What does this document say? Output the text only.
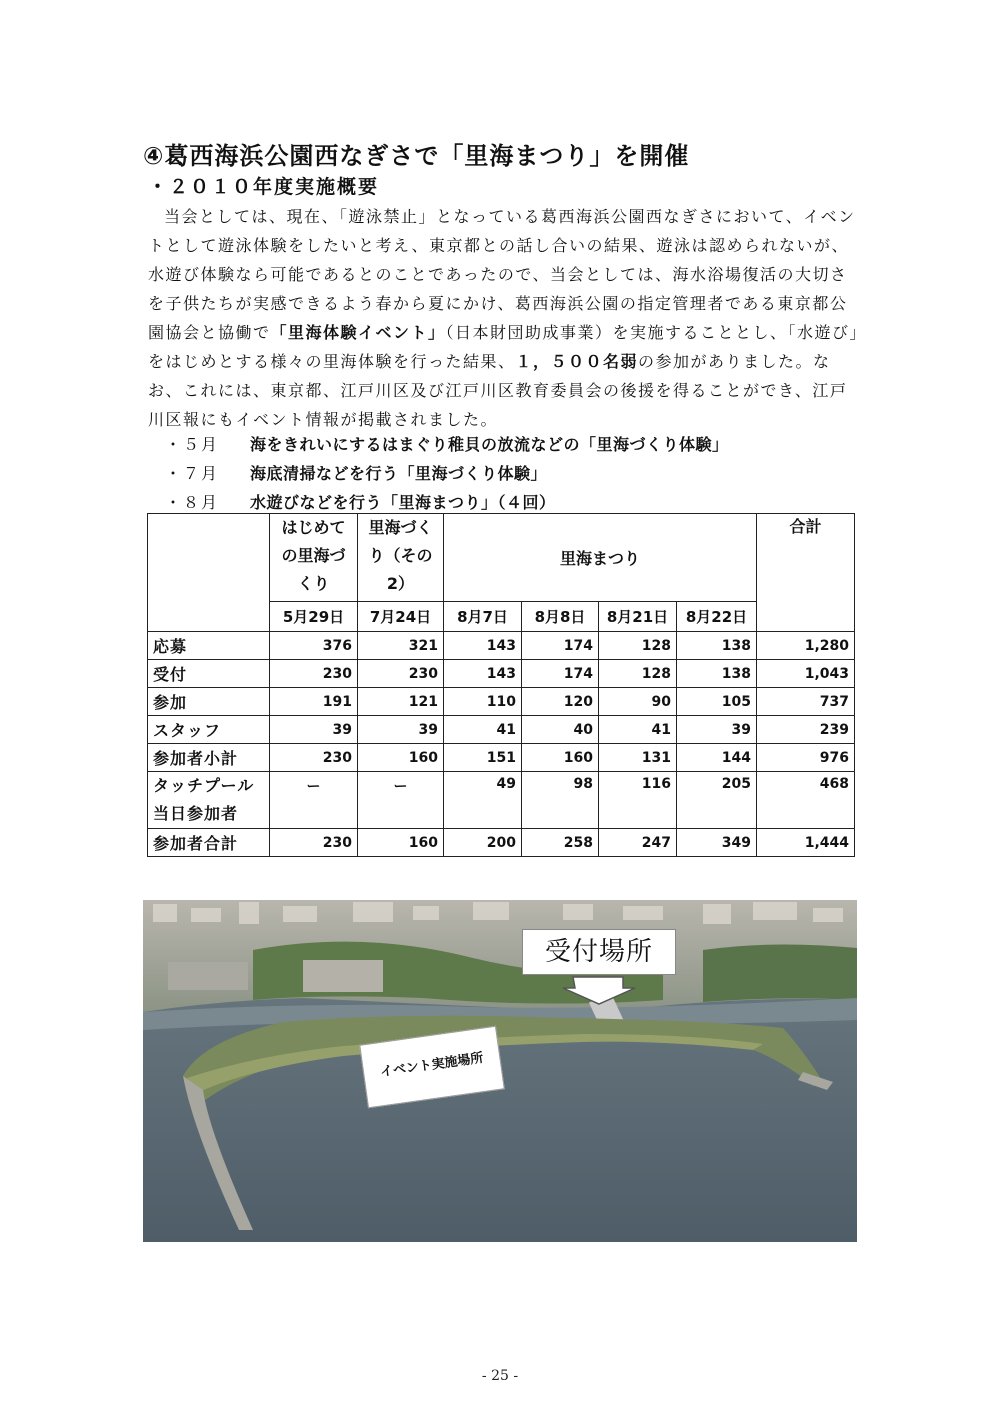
④葛西海浜公園西なぎさで「里海まつり」を開催
・２０１０年度実施概要

当会としては、現在、「遊泳禁止」となっている葛西海浜公園西なぎさにおいて、イベントとして遊泳体験をしたいと考え、東京都との話し合いの結果、遊泳は認められないが、水遊び体験なら可能であるとのことであったので、当会としては、海水浴場復活の大切さを子供たちが実感できるよう春から夏にかけ、葛西海浜公園の指定管理者である東京都公園協会と協働で「里海体験イベント」（日本財団助成事業）を実施することとし、「水遊び」をはじめとする様々の里海体験を行った結果、１，５００名弱の参加がありました。なお、これには、東京都、江戸川区及び江戸川区教育委員会の後援を得ることができ、江戸川区報にもイベント情報が掲載されました。

・５月 海をきれいにするはまぐり稚貝の放流などの「里海づくり体験」
・７月 海底清掃などを行う「里海づくり体験」
・８月 水遊びなどを行う「里海まつり」（４回）
	はじめての里海づくり	里海づくり（その2）	里海まつり				合計
	5月29日	7月24日	8月7日	8月8日	8月21日	8月22日	
応募	376	321	143	174	128	138	1,280
受付	230	230	143	174	128	138	1,043
参加	191	121	110	120	90	105	737
スタッフ	39	39	41	40	41	39	239
参加者小計	230	160	151	160	131	144	976
タッチプール当日参加者	ー	ー	49	98	116	205	468
参加者合計	230	160	200	258	247	349	1,444
受付場所
イベント実施場所
- 25 -
